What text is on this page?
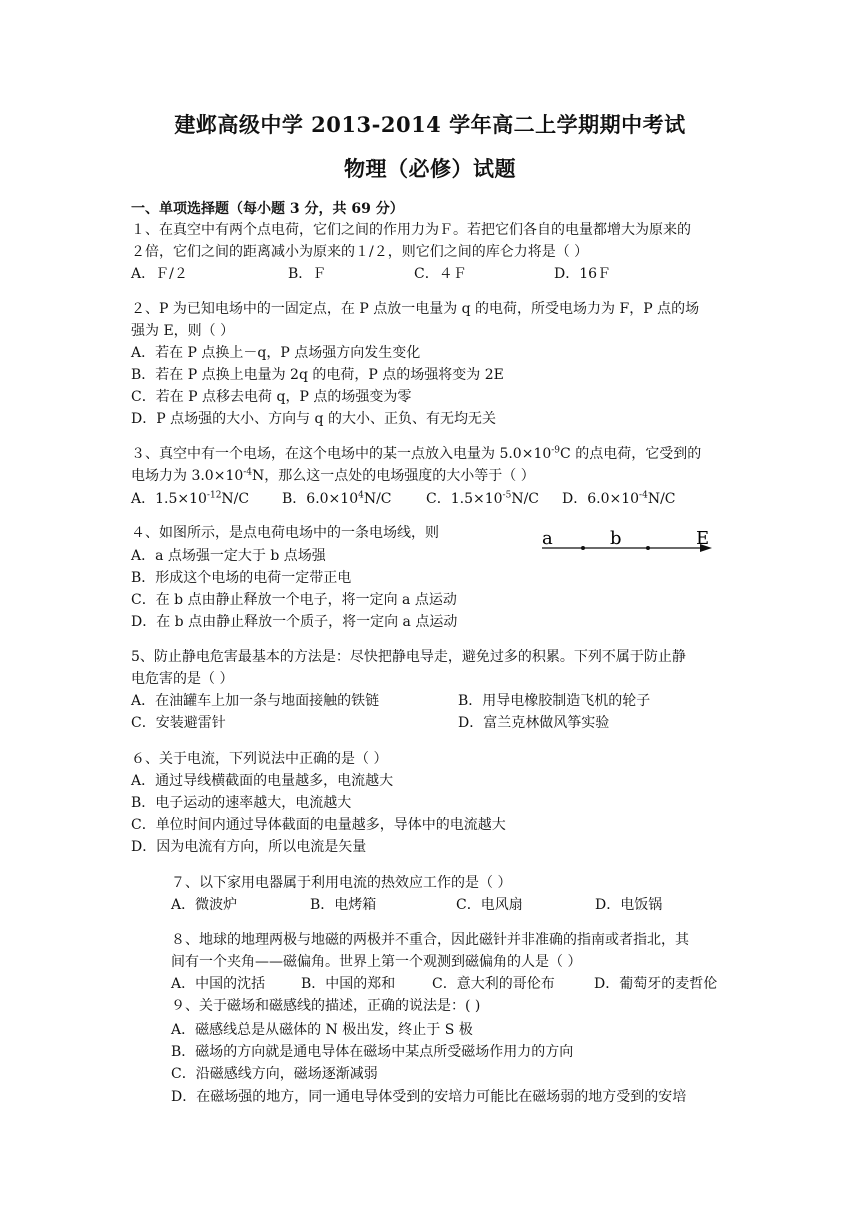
建邺高级中学 2013-2014 学年高二上学期期中考试
物理（必修）试题
一、单项选择题（每小题 3 分，共 69 分）
１、在真空中有两个点电荷，它们之间的作用力为Ｆ。若把它们各自的电量都增大为原来的
２倍，它们之间的距离减小为原来的１/２，则它们之间的库仑力将是（ ）
A．Ｆ/２	B．Ｆ	C．４Ｆ	D．16Ｆ
２、P 为已知电场中的一固定点，在 P 点放一电量为 q 的电荷，所受电场力为 F，P 点的场
强为 E，则（ ）
A．若在 P 点换上－q，P 点场强方向发生变化
B．若在 P 点换上电量为 2q 的电荷，P 点的场强将变为 2E
C．若在 P 点移去电荷 q，P 点的场强变为零
D．P 点场强的大小、方向与 q 的大小、正负、有无均无关
３、真空中有一个电场，在这个电场中的某一点放入电量为 $5.0\times 10^{-9}C$ 的点电荷，它受到的
电场力为 $3.0\times 10^{-4}N$，那么这一点处的电场强度的大小等于（ ）
A．$1.5\times 10^{-12}N/C$ B．$6.0\times 10^4N/C$ C．$1.5\times 10^{-5}N/C$ D．$6.0\times 10^{-4}N/C$
４、如图所示，是点电荷电场中的一条电场线，则
A．a 点场强一定大于 b 点场强
B．形成这个电场的电荷一定带正电
C．在 b 点由静止释放一个电子，将一定向 a 点运动
D．在 b 点由静止释放一个质子，将一定向 a 点运动
a	b	E
5、防止静电危害最基本的方法是：尽快把静电导走，避免过多的积累。下列不属于防止静
电危害的是（ ）
A．在油罐车上加一条与地面接触的铁链	B．用导电橡胶制造飞机的轮子
C．安装避雷针	D．富兰克林做风筝实验
６、关于电流，下列说法中正确的是（ ）
A．通过导线横截面的电量越多，电流越大
B．电子运动的速率越大，电流越大
C．单位时间内通过导体截面的电量越多，导体中的电流越大
D．因为电流有方向，所以电流是矢量
７、以下家用电器属于利用电流的热效应工作的是（ ）
A．微波炉	B．电烤箱	C．电风扇	D．电饭锅
８、地球的地理两极与地磁的两极并不重合，因此磁针并非准确的指南或者指北，其
间有一个夹角——磁偏角。世界上第一个观测到磁偏角的人是（ ）
A．中国的沈括	B．中国的郑和	C．意大利的哥伦布	D．葡萄牙的麦哲伦
９、关于磁场和磁感线的描述，正确的说法是：( )
A．磁感线总是从磁体的 N 极出发，终止于 S 极
B．磁场的方向就是通电导体在磁场中某点所受磁场作用力的方向
C．沿磁感线方向，磁场逐渐减弱
D．在磁场强的地方，同一通电导体受到的安培力可能比在磁场弱的地方受到的安培
